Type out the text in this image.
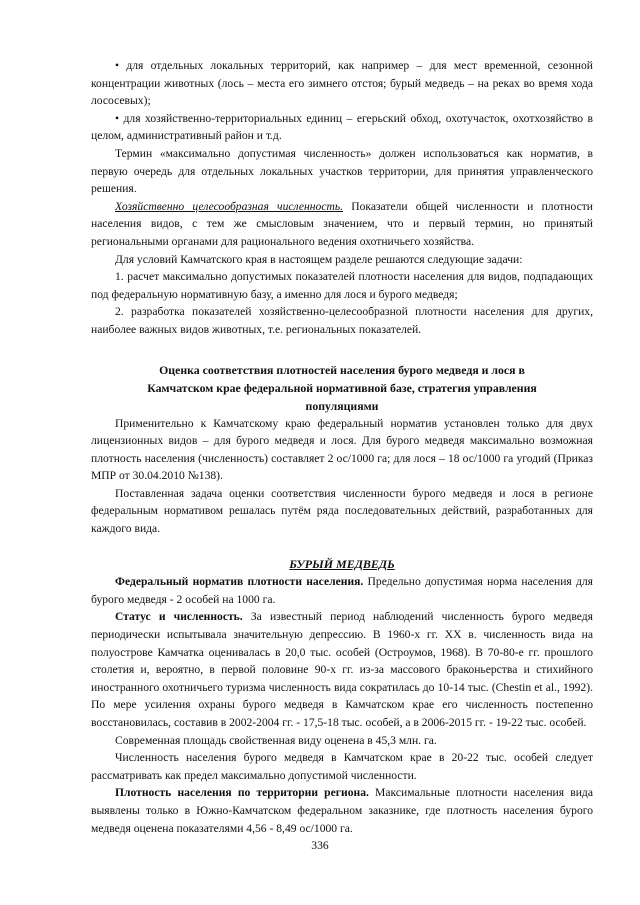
• для отдельных локальных территорий, как например – для мест временной, сезонной концентрации животных (лось – места его зимнего отстоя; бурый медведь – на реках во время хода лососевых);

• для хозяйственно-территориальных единиц – егерьский обход, охотучасток, охотхозяйство в целом, административный район и т.д.

Термин «максимально допустимая численность» должен использоваться как норматив, в первую очередь для отдельных локальных участков территории, для принятия управленческого решения.

Хозяйственно целесообразная численность. Показатели общей численности и плотности населения видов, с тем же смысловым значением, что и первый термин, но принятый региональными органами для рационального ведения охотничьего хозяйства.

Для условий Камчатского края в настоящем разделе решаются следующие задачи:

1. расчет максимально допустимых показателей плотности населения для видов, подпадающих под федеральную нормативную базу, а именно для лося и бурого медведя;

2. разработка показателей хозяйственно-целесообразной плотности населения для других, наиболее важных видов животных, т.е. региональных показателей.

Оценка соответствия плотностей населения бурого медведя и лося в

Камчатском крае федеральной нормативной базе, стратегия управления

популяциями

Применительно к Камчатскому краю федеральный норматив установлен только для двух лицензионных видов – для бурого медведя и лося. Для бурого медведя максимально возможная плотность населения (численность) составляет 2 ос/1000 га; для лося – 18 ос/1000 га угодий (Приказ МПР от 30.04.2010 №138).

Поставленная задача оценки соответствия численности бурого медведя и лося в регионе федеральным нормативом решалась путём ряда последовательных действий, разработанных для каждого вида.

БУРЫЙ МЕДВЕДЬ

Федеральный норматив плотности населения. Предельно допустимая норма населения для бурого медведя - 2 особей на 1000 га.

Статус и численность. За известный период наблюдений численность бурого медведя периодически испытывала значительную депрессию. В 1960-х гг. XX в. численность вида на полуострове Камчатка оценивалась в 20,0 тыс. особей (Остроумов, 1968). В 70-80-е гг. прошлого столетия и, вероятно, в первой половине 90-х гг. из-за массового браконьерства и стихийного иностранного охотничьего туризма численность вида сократилась до 10-14 тыс. (Chestin et al., 1992). По мере усиления охраны бурого медведя в Камчатском крае его численность постепенно восстановилась, составив в 2002-2004 гг. - 17,5-18 тыс. особей, а в 2006-2015 гг. - 19-22 тыс. особей.

Современная площадь свойственная виду оценена в 45,3 млн. га.

Численность населения бурого медведя в Камчатском крае в 20-22 тыс. особей следует рассматривать как предел максимально допустимой численности.

Плотность населения по территории региона. Максимальные плотности населения вида выявлены только в Южно-Камчатском федеральном заказнике, где плотность населения бурого медведя оценена показателями 4,56 - 8,49 ос/1000 га.

336
